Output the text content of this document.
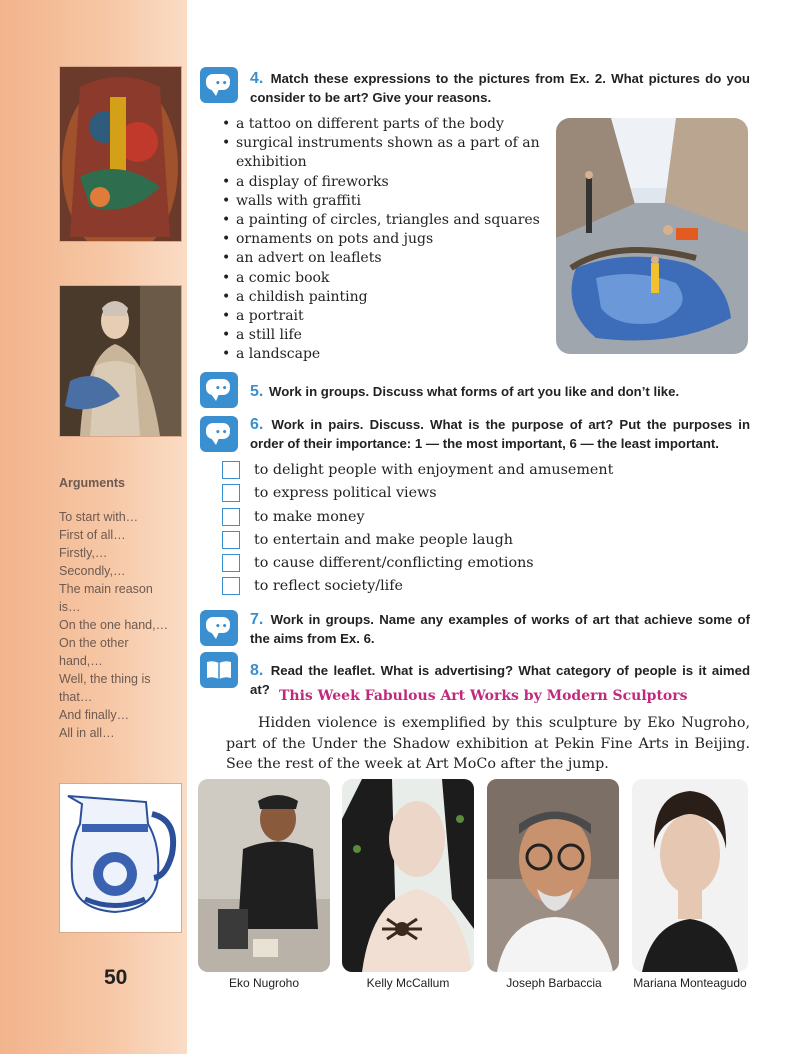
Arguments
To start with…
First of all…
Firstly,…
Secondly,…
The main reason
is…
On the one hand,…
On the other
hand,…
Well, the thing is
that…
And finally…
All in all…
50
••• 4. Match these expressions to the pictures from Ex. 2. What pictures do you consider to be art? Give your reasons.
• a tattoo on different parts of the body
• surgical instruments shown as a part of an exhibition
• a display of fireworks
• walls with graffiti
• a painting of circles, triangles and squares
• ornaments on pots and jugs
• an advert on leaflets
• a comic book
• a childish painting
• a portrait
• a still life
• a landscape
••• 5. Work in groups. Discuss what forms of art you like and don’t like.
••• 6. Work in pairs. Discuss. What is the purpose of art? Put the purposes in order of their importance: 1 — the most important, 6 — the least important.
to delight people with enjoyment and amusement
to express political views
to make money
to entertain and make people laugh
to cause different/conflicting emotions
to reflect society/life
••• 7. Work in groups. Name any examples of works of art that achieve some of the aims from Ex. 6.
8. Read the leaflet. What is advertising? What category of people is it aimed at? This Week Fabulous Art Works by Modern Sculptors
Hidden violence is exemplified by this sculpture by Eko Nugroho, part of the Under the Shadow exhibition at Pekin Fine Arts in Beijing. See the rest of the week at Art MoCo after the jump.
Eko Nugroho	Kelly McCallum	Joseph Barbaccia	Mariana Monteagudo
